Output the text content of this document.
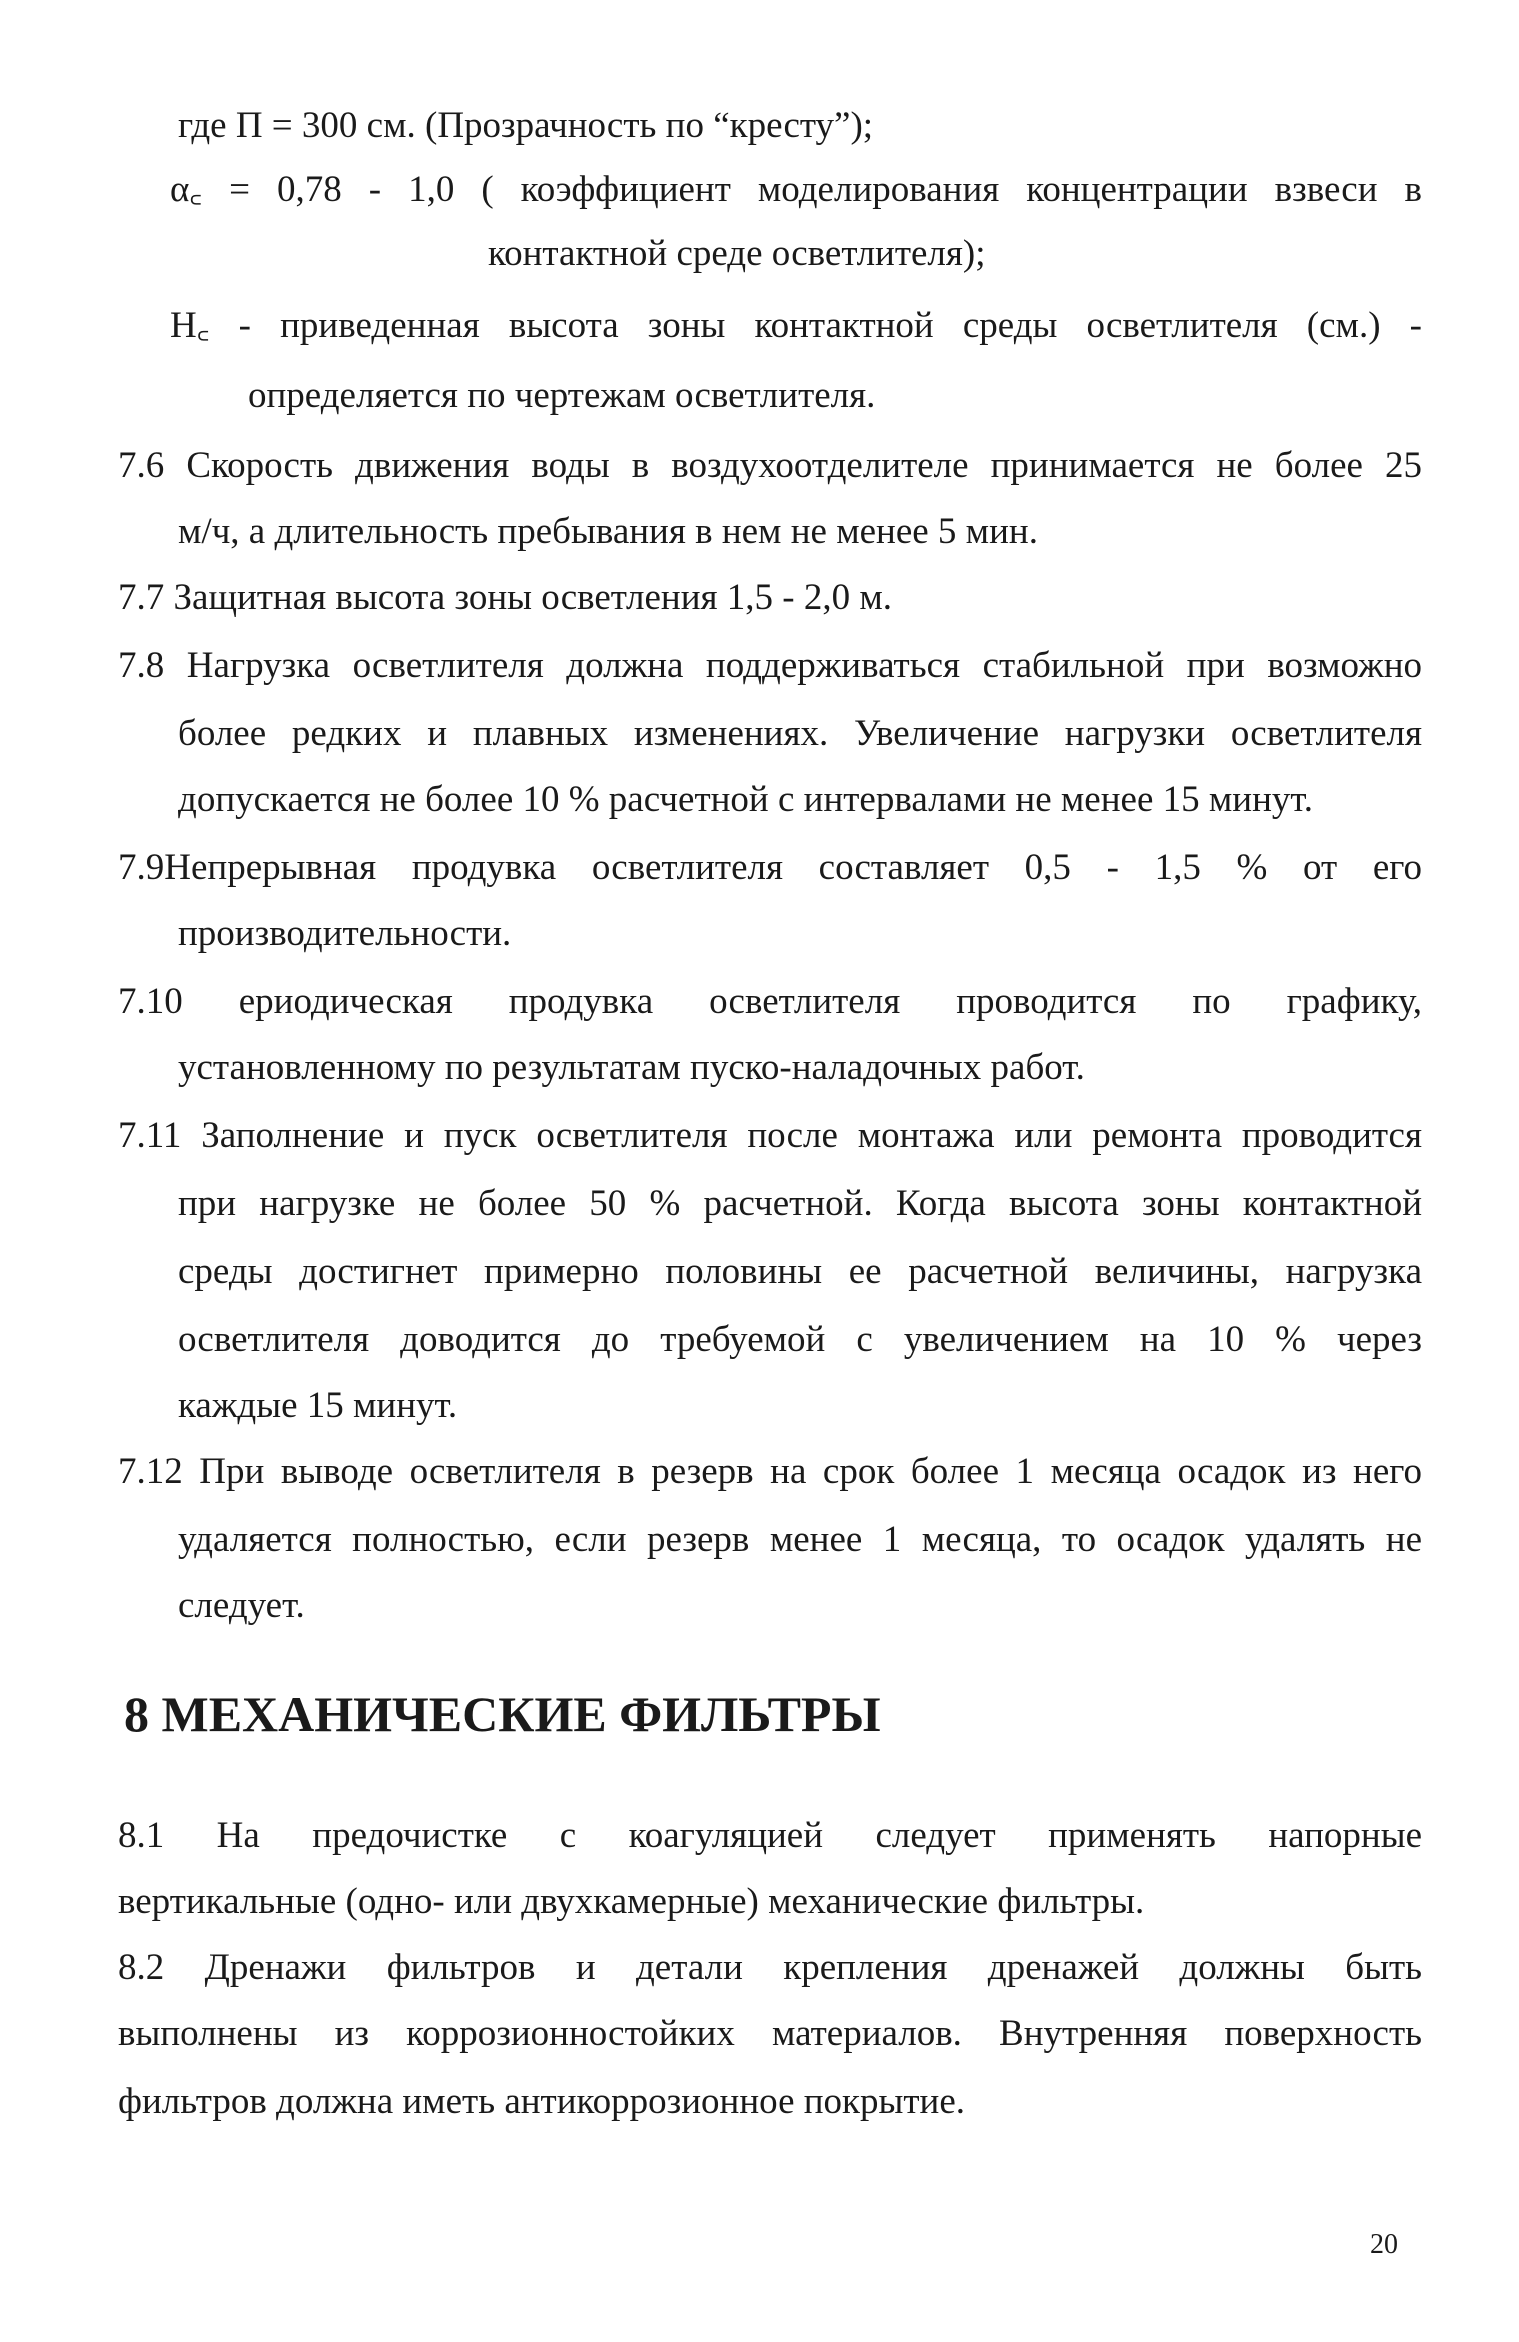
где П = 300 см. (Прозрачность по “кресту”);
α꜀ = 0,78 - 1,0 ( коэффициент моделирования концентрации взвеси в
контактной среде осветлителя);
H꜀ - приведенная высота зоны контактной среды осветлителя (см.) -
определяется по чертежам осветлителя.
7.6 Скорость движения воды в воздухоотделителе принимается не более 25
м/ч, а длительность пребывания в нем не менее 5 мин.
7.7 Защитная высота зоны осветления 1,5 - 2,0 м.
7.8 Нагрузка осветлителя должна поддерживаться стабильной при возможно
более редких и плавных изменениях. Увеличение нагрузки осветлителя
допускается не более 10 % расчетной с интервалами не менее 15 минут.
7.9Непрерывная продувка осветлителя составляет 0,5 - 1,5 % от его
производительности.
7.10 ериодическая продувка осветлителя проводится по графику,
установленному по результатам пуско-наладочных работ.
7.11 Заполнение и пуск осветлителя после монтажа или ремонта проводится
при нагрузке не более 50 % расчетной. Когда высота зоны контактной
среды достигнет примерно половины ее расчетной величины, нагрузка
осветлителя доводится до требуемой с увеличением на 10 % через
каждые 15 минут.
7.12 При выводе осветлителя в резерв на срок более 1 месяца осадок из него
удаляется полностью, если резерв менее 1 месяца, то осадок удалять не
следует.
8 МЕХАНИЧЕСКИЕ ФИЛЬТРЫ
8.1 На предочистке с коагуляцией следует применять напорные
вертикальные (одно- или двухкамерные) механические фильтры.
8.2 Дренажи фильтров и детали крепления дренажей должны быть
выполнены из коррозионностойких материалов. Внутренняя поверхность
фильтров должна иметь антикоррозионное покрытие.
20
